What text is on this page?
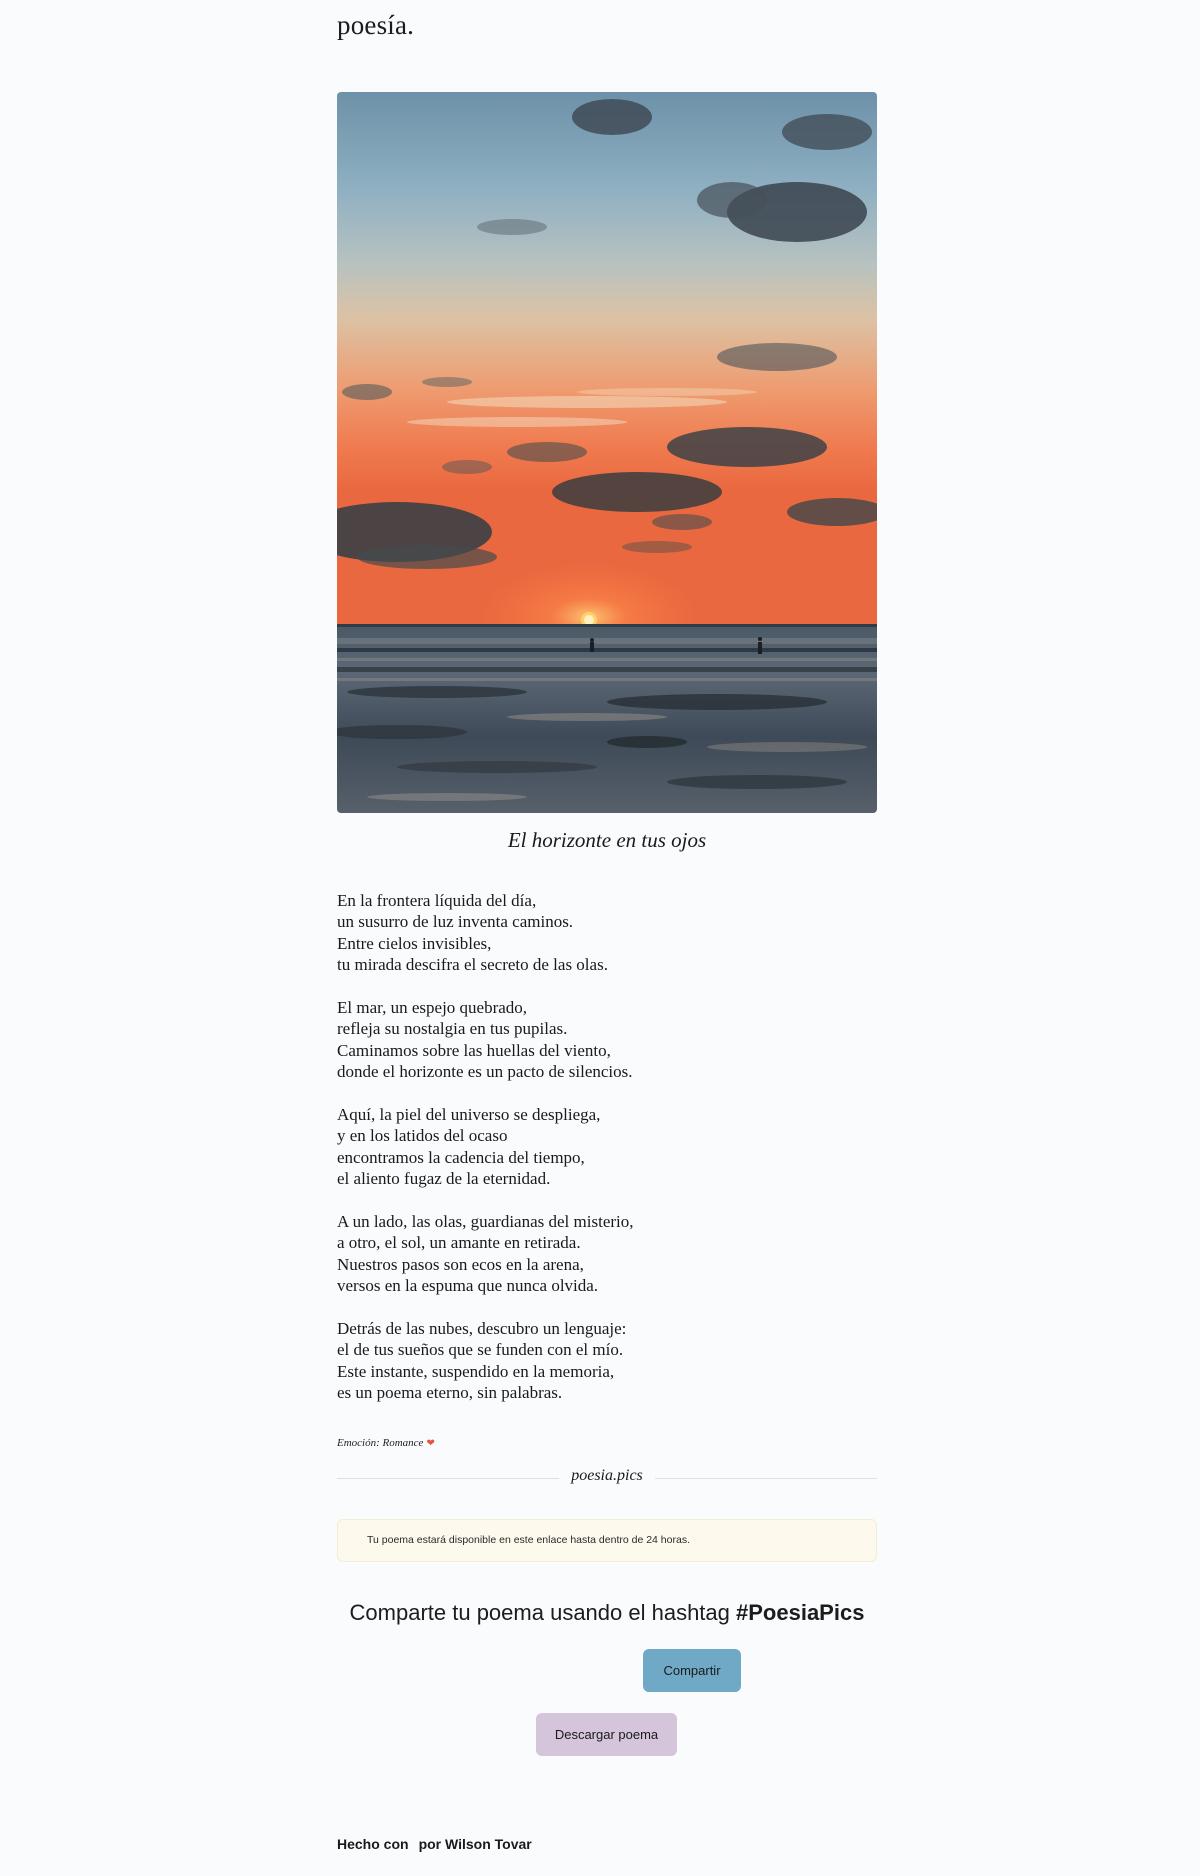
poesía.
El horizonte en tus ojos
En la frontera líquida del día,
un susurro de luz inventa caminos.
Entre cielos invisibles,
tu mirada descifra el secreto de las olas.
El mar, un espejo quebrado,
refleja su nostalgia en tus pupilas.
Caminamos sobre las huellas del viento,
donde el horizonte es un pacto de silencios.
Aquí, la piel del universo se despliega,
y en los latidos del ocaso
encontramos la cadencia del tiempo,
el aliento fugaz de la eternidad.
A un lado, las olas, guardianas del misterio,
a otro, el sol, un amante en retirada.
Nuestros pasos son ecos en la arena,
versos en la espuma que nunca olvida.
Detrás de las nubes, descubro un lenguaje:
el de tus sueños que se funden con el mío.
Este instante, suspendido en la memoria,
es un poema eterno, sin palabras.
Emoción: Romance ❤
poesia.pics
Tu poema estará disponible en este enlace hasta dentro de 24 horas.
Comparte tu poema usando el hashtag #PoesiaPics
Compartir
Descargar poema
Hecho con por Wilson Tovar
